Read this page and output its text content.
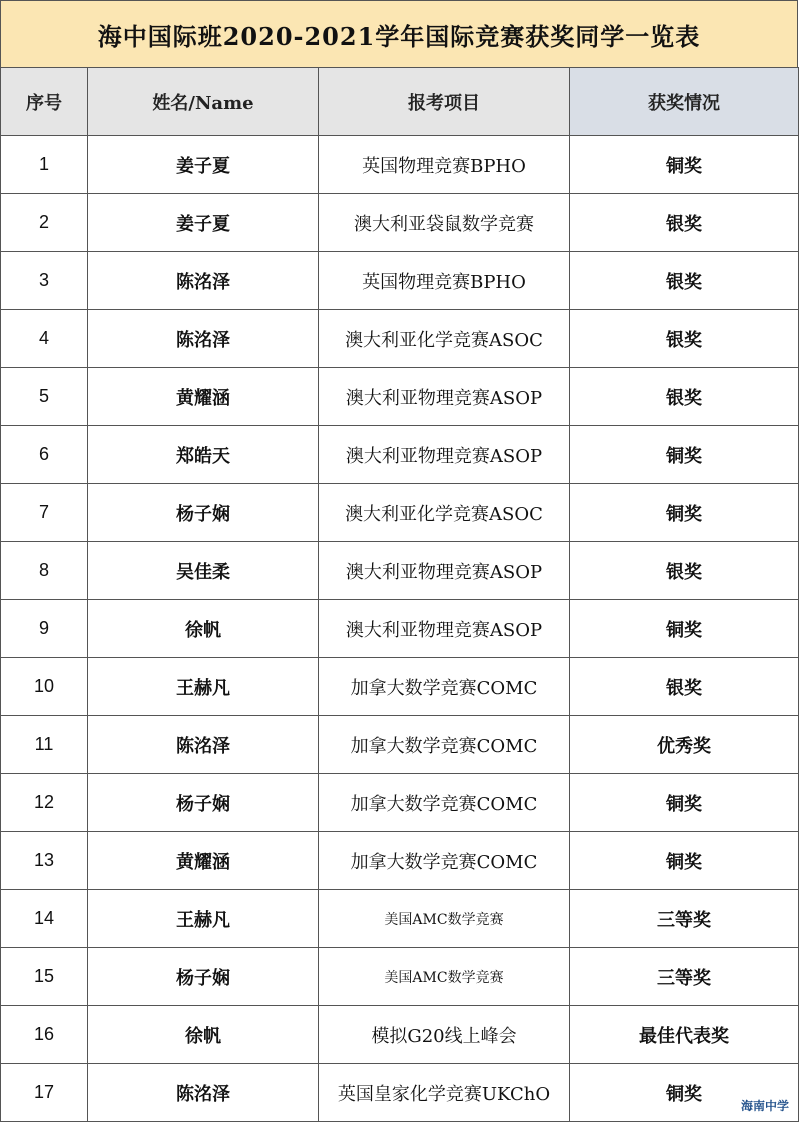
海中国际班2020-2021学年国际竞赛获奖同学一览表
序号	姓名/Name	报考项目	获奖情况
1	姜子夏	英国物理竞赛BPHO	铜奖
2	姜子夏	澳大利亚袋鼠数学竞赛	银奖
3	陈洺泽	英国物理竞赛BPHO	银奖
4	陈洺泽	澳大利亚化学竞赛ASOC	银奖
5	黄耀涵	澳大利亚物理竞赛ASOP	银奖
6	郑皓天	澳大利亚物理竞赛ASOP	铜奖
7	杨子娴	澳大利亚化学竞赛ASOC	铜奖
8	吴佳柔	澳大利亚物理竞赛ASOP	银奖
9	徐帆	澳大利亚物理竞赛ASOP	铜奖
10	王赫凡	加拿大数学竞赛COMC	银奖
11	陈洺泽	加拿大数学竞赛COMC	优秀奖
12	杨子娴	加拿大数学竞赛COMC	铜奖
13	黄耀涵	加拿大数学竞赛COMC	铜奖
14	王赫凡	美国AMC数学竞赛	三等奖
15	杨子娴	美国AMC数学竞赛	三等奖
16	徐帆	模拟G20线上峰会	最佳代表奖
17	陈洺泽	英国皇家化学竞赛UKChO	铜奖
海南中学
